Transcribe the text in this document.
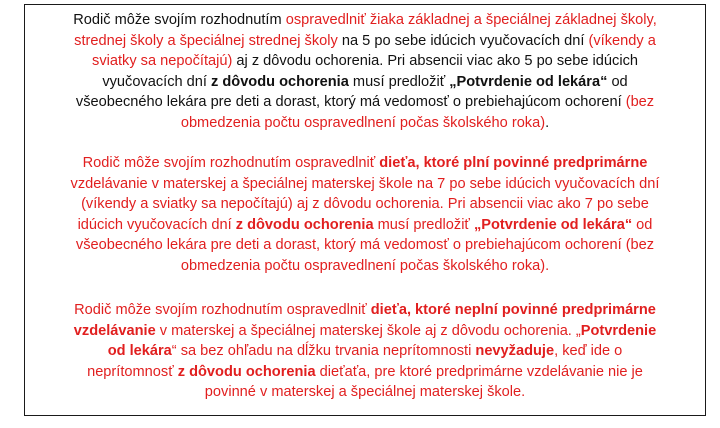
Rodič môže svojím rozhodnutím ospravedlniť žiaka základnej a špeciálnej základnej školy,
strednej školy a špeciálnej strednej školy na 5 po sebe idúcich vyučovacích dní (víkendy a
sviatky sa nepočítajú) aj z dôvodu ochorenia. Pri absencii viac ako 5 po sebe idúcich
vyučovacích dní z dôvodu ochorenia musí predložiť „Potvrdenie od lekára“ od
všeobecného lekára pre deti a dorast, ktorý má vedomosť o prebiehajúcom ochorení (bez
obmedzenia počtu ospravedlnení počas školského roka).

Rodič môže svojím rozhodnutím ospravedlniť dieťa, ktoré plní povinné predprimárne
vzdelávanie v materskej a špeciálnej materskej škole na 7 po sebe idúcich vyučovacích dní
(víkendy a sviatky sa nepočítajú) aj z dôvodu ochorenia. Pri absencii viac ako 7 po sebe
idúcich vyučovacích dní z dôvodu ochorenia musí predložiť „Potvrdenie od lekára“ od
všeobecného lekára pre deti a dorast, ktorý má vedomosť o prebiehajúcom ochorení (bez
obmedzenia počtu ospravedlnení počas školského roka).

Rodič môže svojím rozhodnutím ospravedlniť dieťa, ktoré neplní povinné predprimárne
vzdelávanie v materskej a špeciálnej materskej škole aj z dôvodu ochorenia. „Potvrdenie
od lekára“ sa bez ohľadu na dĺžku trvania neprítomnosti nevyžaduje, keď ide o
neprítomnosť z dôvodu ochorenia dieťaťa, pre ktoré predprimárne vzdelávanie nie je
povinné v materskej a špeciálnej materskej škole.
